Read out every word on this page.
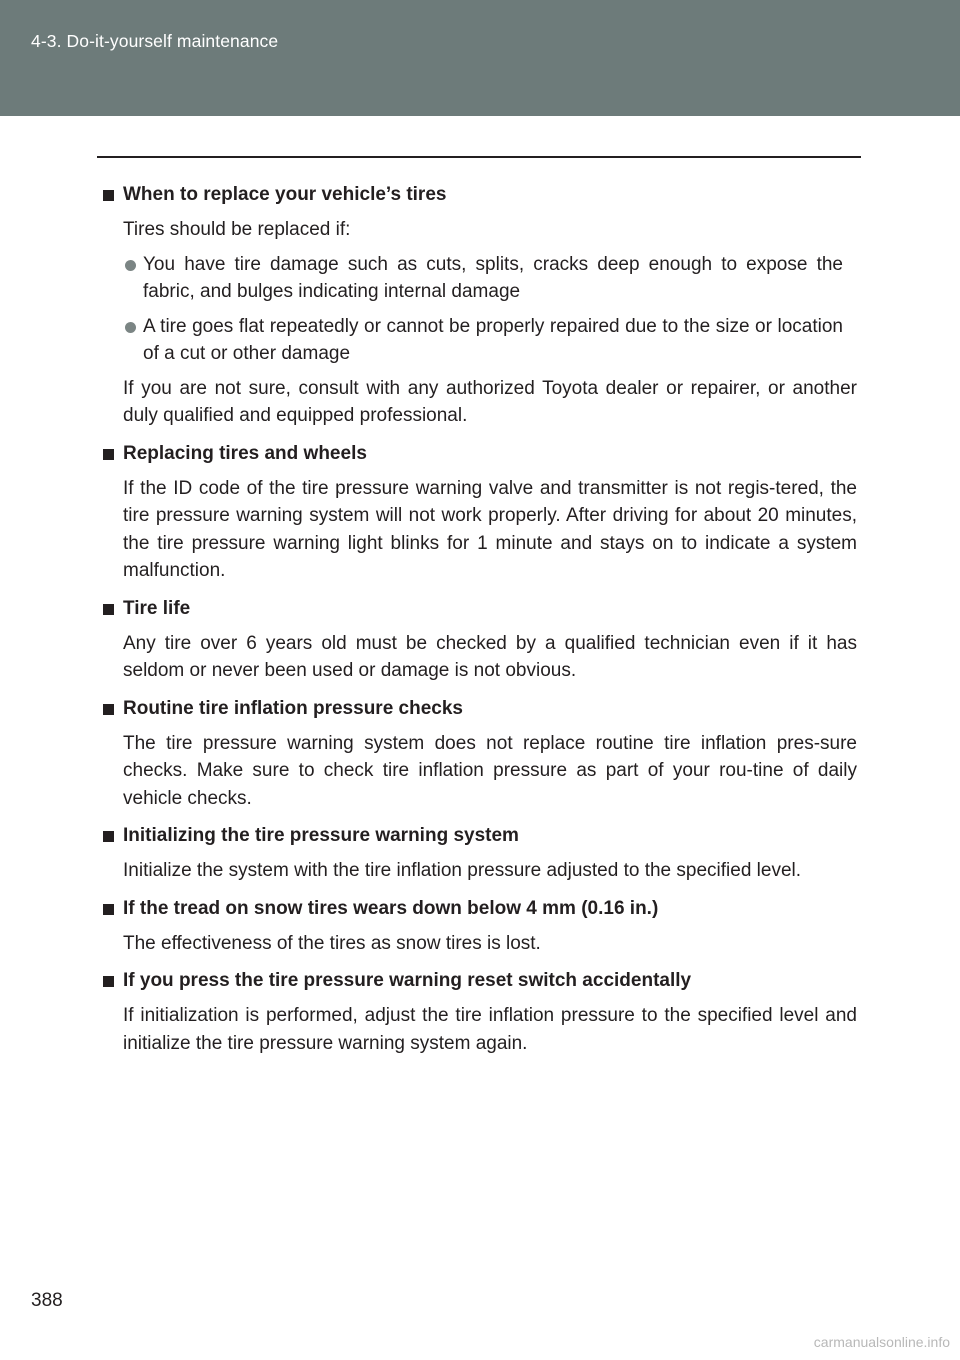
4-3. Do-it-yourself maintenance
When to replace your vehicle’s tires

Tires should be replaced if:

You have tire damage such as cuts, splits, cracks deep enough to expose the fabric, and bulges indicating internal damage
A tire goes flat repeatedly or cannot be properly repaired due to the size or location of a cut or other damage

If you are not sure, consult with any authorized Toyota dealer or repairer, or another duly qualified and equipped professional.

Replacing tires and wheels

If the ID code of the tire pressure warning valve and transmitter is not regis-tered, the tire pressure warning system will not work properly. After driving for about 20 minutes, the tire pressure warning light blinks for 1 minute and stays on to indicate a system malfunction.

Tire life

Any tire over 6 years old must be checked by a qualified technician even if it has seldom or never been used or damage is not obvious.

Routine tire inflation pressure checks

The tire pressure warning system does not replace routine tire inflation pres-sure checks. Make sure to check tire inflation pressure as part of your rou-tine of daily vehicle checks.

Initializing the tire pressure warning system

Initialize the system with the tire inflation pressure adjusted to the specified level.

If the tread on snow tires wears down below 4 mm (0.16 in.)

The effectiveness of the tires as snow tires is lost.

If you press the tire pressure warning reset switch accidentally

If initialization is performed, adjust the tire inflation pressure to the specified level and initialize the tire pressure warning system again.

388
carmanualsonline.info
